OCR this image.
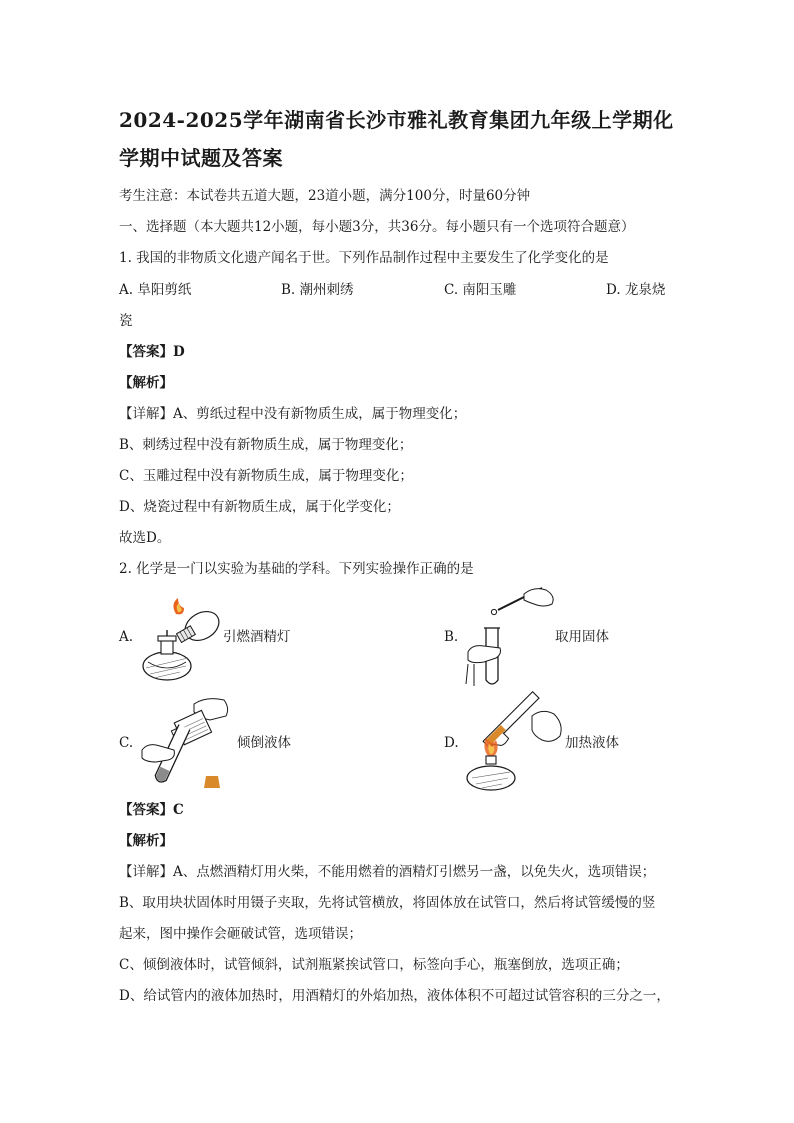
2024-2025学年湖南省长沙市雅礼教育集团九年级上学期化
学期中试题及答案
考生注意：本试卷共五道大题，23道小题，满分100分，时量60分钟
一、选择题（本大题共12小题，每小题3分，共36分。每小题只有一个选项符合题意）
1. 我国的非物质文化遗产闻名于世。下列作品制作过程中主要发生了化学变化的是
A. 阜阳剪纸	B. 潮州刺绣	C. 南阳玉雕	D. 龙泉烧
瓷
【答案】D
【解析】
【详解】A、剪纸过程中没有新物质生成，属于物理变化；
B、刺绣过程中没有新物质生成，属于物理变化；
C、玉雕过程中没有新物质生成，属于物理变化；
D、烧瓷过程中有新物质生成，属于化学变化；
故选D。
2. 化学是一门以实验为基础的学科。下列实验操作正确的是
A.	引燃酒精灯	B.	取用固体
C.	倾倒液体	D.	加热液体
【答案】C
【解析】
【详解】A、点燃酒精灯用火柴，不能用燃着的酒精灯引燃另一盏，以免失火，选项错误；
B、取用块状固体时用镊子夹取，先将试管横放，将固体放在试管口，然后将试管缓慢的竖
起来，图中操作会砸破试管，选项错误；
C、倾倒液体时，试管倾斜，试剂瓶紧挨试管口，标签向手心，瓶塞倒放，选项正确；
D、给试管内的液体加热时，用酒精灯的外焰加热，液体体积不可超过试管容积的三分之一，
